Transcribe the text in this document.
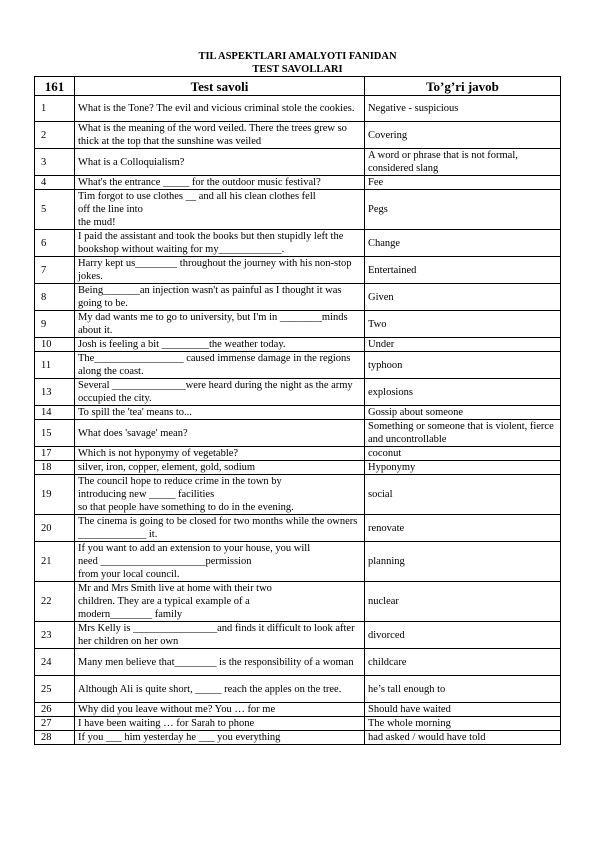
TIL ASPEKTLARI AMALYOTI FANIDAN
TEST SAVOLLARI
161	Test savoli	To’g’ri javob
1	What is the Tone? The evil and vicious criminal stole the cookies.	Negative - suspicious
2	What is the meaning of the word veiled. There the trees grew so thick at the top that the sunshine was veiled	Covering
3	What is a Colloquialism?	A word or phrase that is not formal, considered slang
4	What's the entrance _____ for the outdoor music festival?	Fee
5	Tim forgot to use clothes __ and all his clean clothes fell
off the line into
the mud!	Pegs
6	I paid the assistant and took the books but then stupidly left the bookshop without waiting for my____________.	Change
7	Harry kept us________ throughout the journey with his non-stop jokes.	Entertained
8	Being_______an injection wasn't as painful as I thought it was going to be.	Given
9	My dad wants me to go to university, but I'm in ________minds about it.	Two
10	Josh is feeling a bit _________the weather today.	Under
11	The_________________ caused immense damage in the regions along the coast.	typhoon
13	Several ______________were heard during the night as the army occupied the city.	explosions
14	To spill the 'tea' means to...	Gossip about someone
15	What does 'savage' mean?	Something or someone that is violent, fierce and uncontrollable
17	Which is not hyponymy of vegetable?	coconut
18	silver, iron, copper, element, gold, sodium	Hyponymy
19	The council hope to reduce crime in the town by
introducing new _____ facilities
so that people have something to do in the evening.	social
20	The cinema is going to be closed for two months while the owners _____________ it.	renovate
21	If you want to add an extension to your house, you will
need ____________________permission
from your local council.	planning
22	Mr and Mrs Smith live at home with their two
children. They are a typical example of a
modern________ family	nuclear
23	Mrs Kelly is ________________and finds it difficult to look after her children on her own	divorced
24	Many men believe that________ is the responsibility of a woman	childcare
25	Although Ali is quite short, _____ reach the apples on the tree.	he’s tall enough to
26	Why did you leave without me? You … for me	Should have waited
27	I have been waiting … for Sarah to phone	The whole morning
28	If you ___ him yesterday he ___ you everything	had asked / would have told
